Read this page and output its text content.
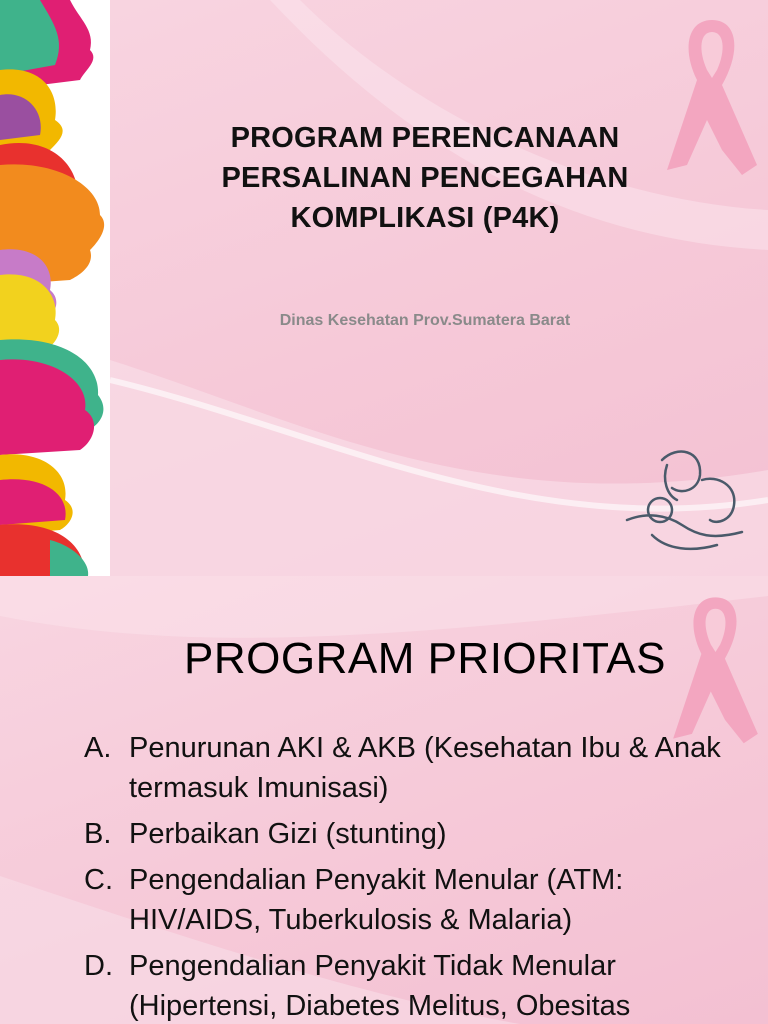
PROGRAM PERENCANAAN
PERSALINAN PENCEGAHAN
KOMPLIKASI (P4K)
Dinas Kesehatan Prov.Sumatera Barat
PROGRAM PRIORITAS
A. Penurunan AKI & AKB (Kesehatan Ibu & Anak termasuk Imunisasi)
B. Perbaikan Gizi (stunting)
C. Pengendalian Penyakit Menular (ATM: HIV/AIDS, Tuberkulosis & Malaria)
D. Pengendalian Penyakit Tidak Menular (Hipertensi, Diabetes Melitus, Obesitas
